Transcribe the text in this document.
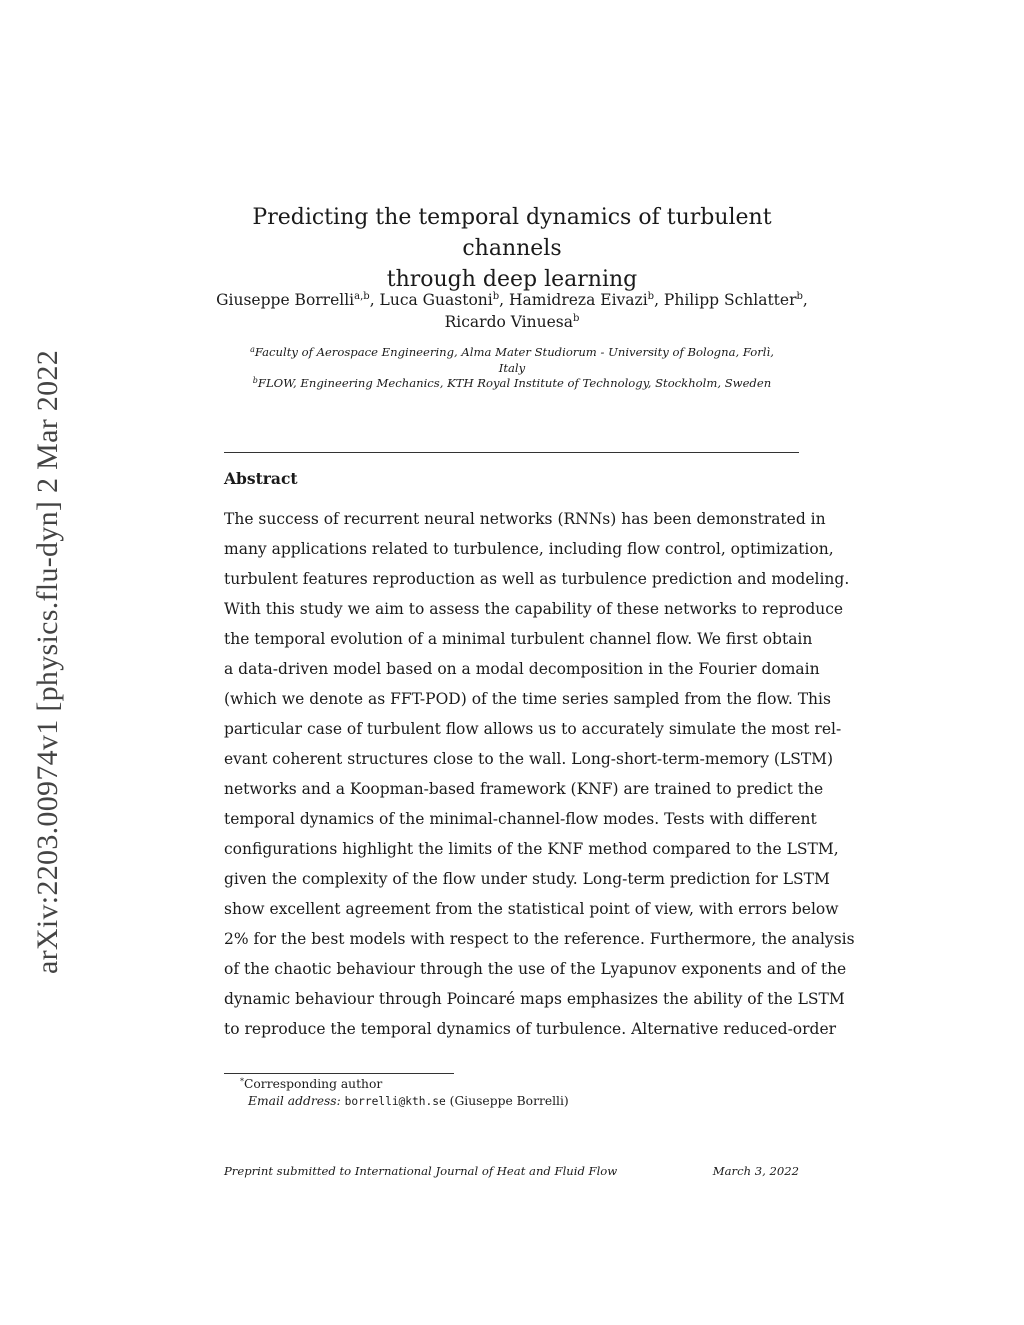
arXiv:2203.00974v1 [physics.flu-dyn] 2 Mar 2022
Predicting the temporal dynamics of turbulent channels
through deep learning
Giuseppe Borrelli$^{a,b}$, Luca Guastoni$^b$, Hamidreza Eivazi$^b$, Philipp Schlatter$^b$,
Ricardo Vinuesa$^b$
$^a$Faculty of Aerospace Engineering, Alma Mater Studiorum - University of Bologna, Forlì,
Italy
$^b$FLOW, Engineering Mechanics, KTH Royal Institute of Technology, Stockholm, Sweden
Abstract
The success of recurrent neural networks (RNNs) has been demonstrated in
many applications related to turbulence, including flow control, optimization,
turbulent features reproduction as well as turbulence prediction and modeling.
With this study we aim to assess the capability of these networks to reproduce
the temporal evolution of a minimal turbulent channel flow. We first obtain
a data-driven model based on a modal decomposition in the Fourier domain
(which we denote as FFT-POD) of the time series sampled from the flow. This
particular case of turbulent flow allows us to accurately simulate the most rel-
evant coherent structures close to the wall. Long-short-term-memory (LSTM)
networks and a Koopman-based framework (KNF) are trained to predict the
temporal dynamics of the minimal-channel-flow modes. Tests with different
configurations highlight the limits of the KNF method compared to the LSTM,
given the complexity of the flow under study. Long-term prediction for LSTM
show excellent agreement from the statistical point of view, with errors below
2% for the best models with respect to the reference. Furthermore, the analysis
of the chaotic behaviour through the use of the Lyapunov exponents and of the
dynamic behaviour through Poincaré maps emphasizes the ability of the LSTM
to reproduce the temporal dynamics of turbulence. Alternative reduced-order
*Corresponding author
Email address: borrelli@kth.se (Giuseppe Borrelli)
Preprint submitted to International Journal of Heat and Fluid Flow	March 3, 2022
